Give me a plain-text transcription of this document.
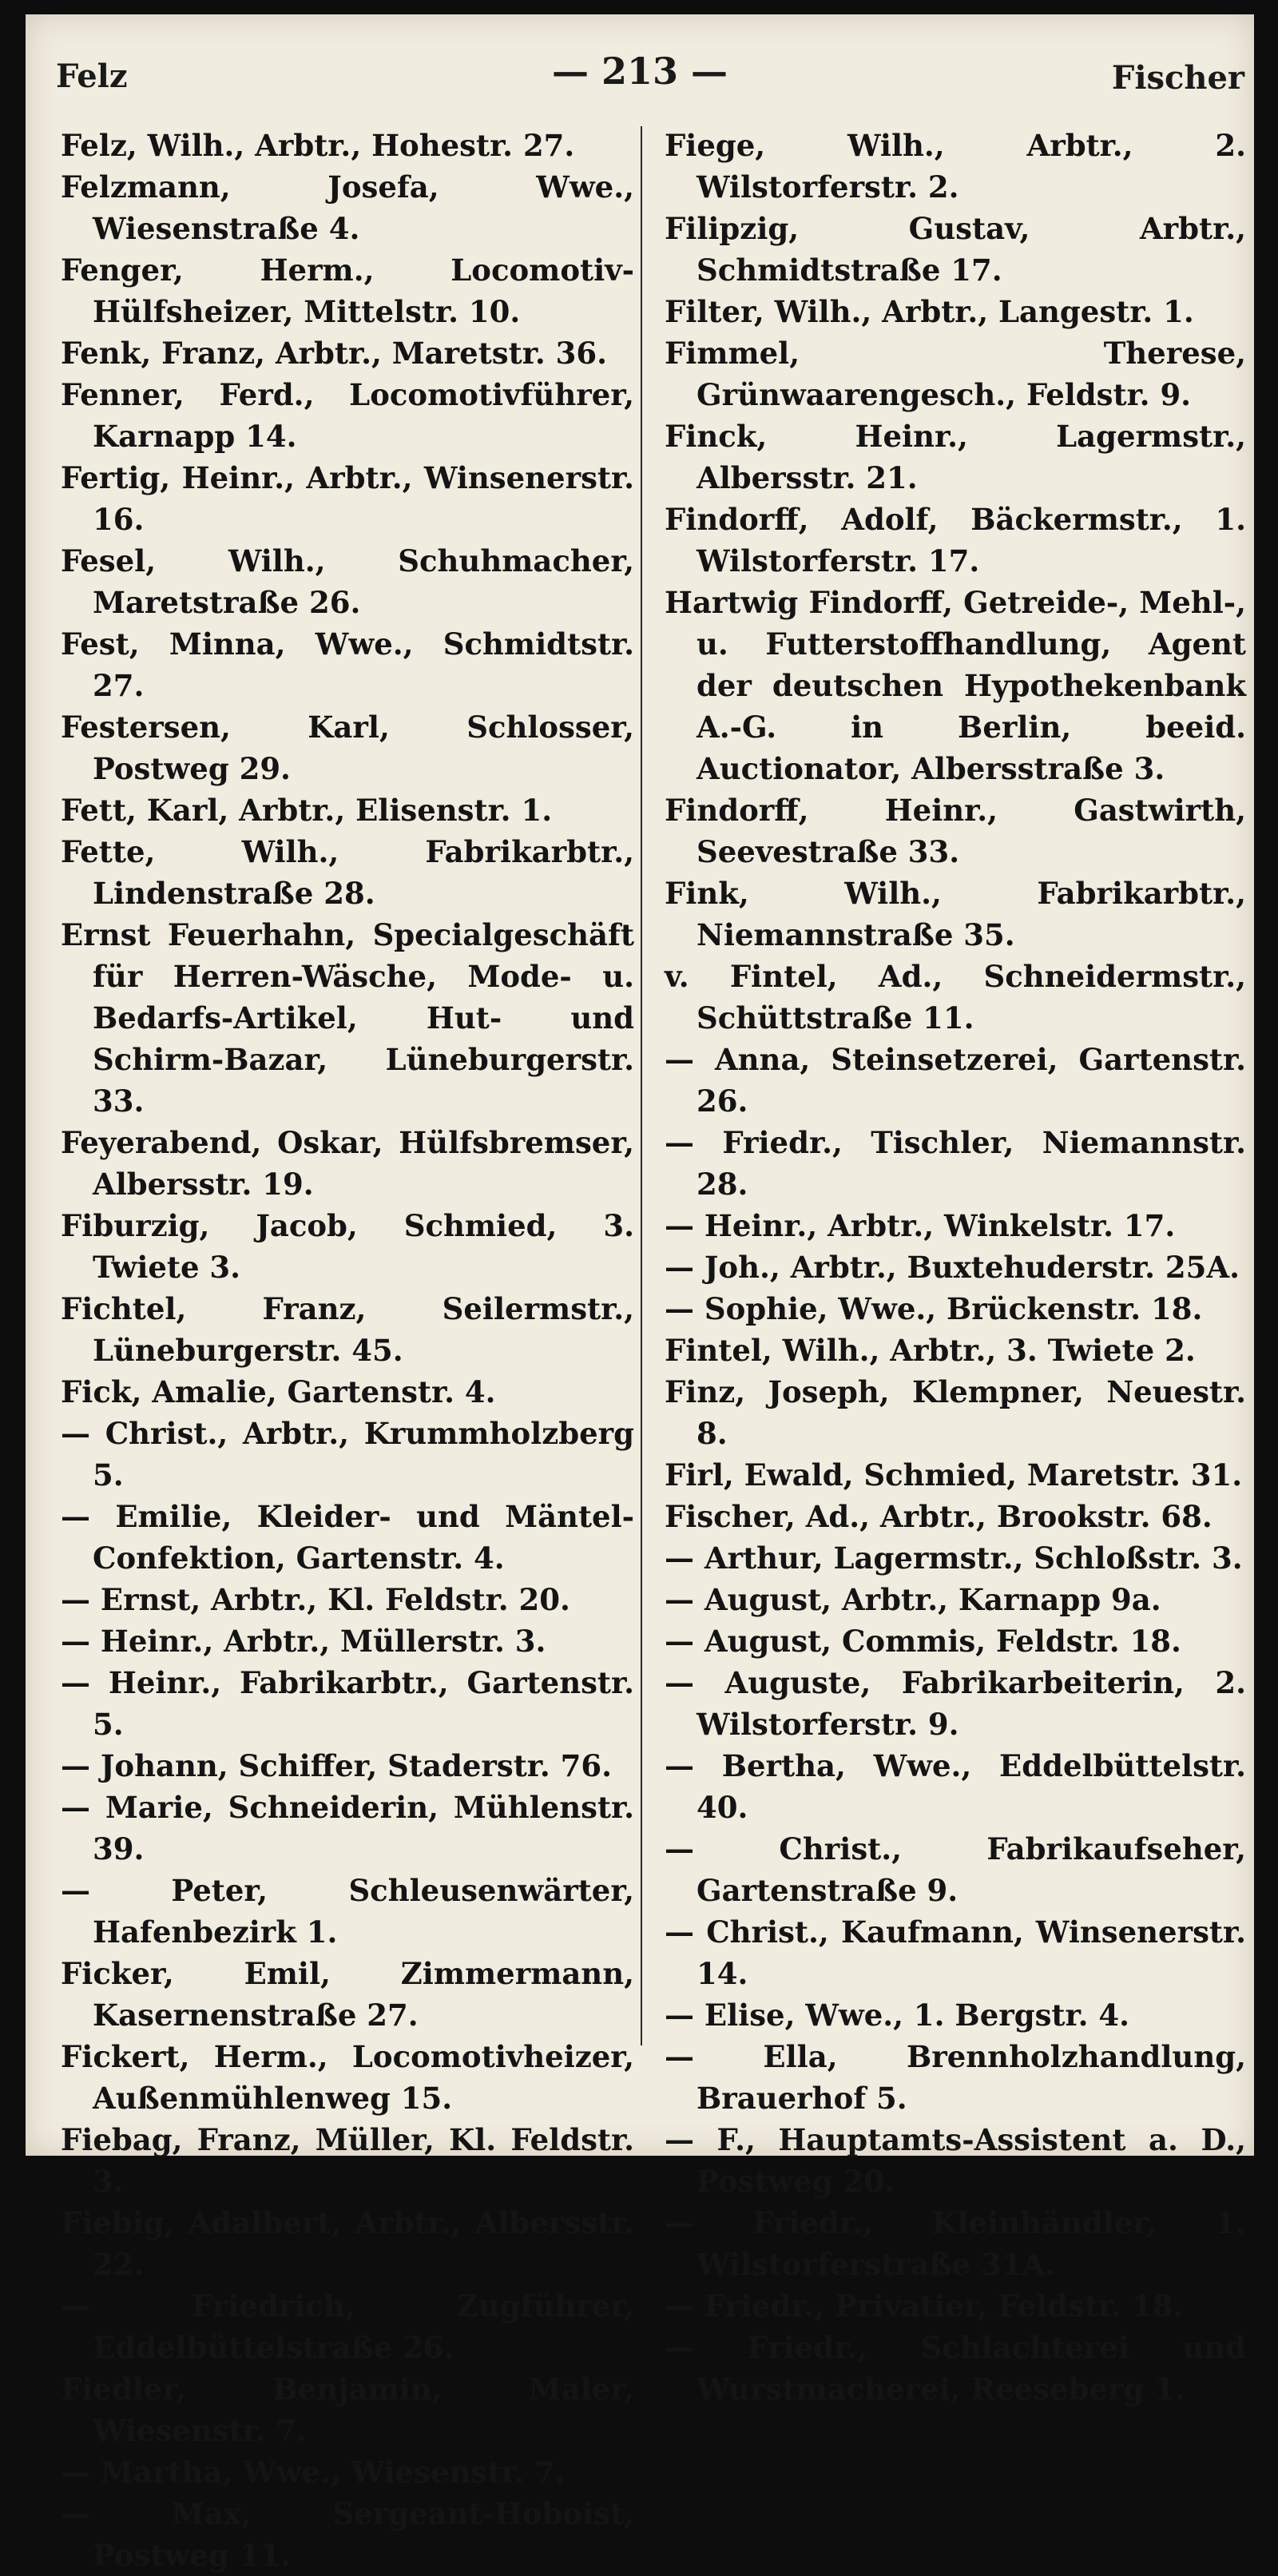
Felz	— 213 —	Fischer

Felz, Wilh., Arbtr., Hohestr. 27.

Felzmann, Josefa, Wwe., Wiesenstraße 4.

Fenger, Herm., Locomotiv-Hülfsheizer, Mittelstr. 10.

Fenk, Franz, Arbtr., Maretstr. 36.

Fenner, Ferd., Locomotivführer, Karnapp 14.

Fertig, Heinr., Arbtr., Winsenerstr. 16.

Fesel, Wilh., Schuhmacher, Maretstraße 26.

Fest, Minna, Wwe., Schmidtstr. 27.

Festersen, Karl, Schlosser, Postweg 29.

Fett, Karl, Arbtr., Elisenstr. 1.

Fette, Wilh., Fabrikarbtr., Lindenstraße 28.

Ernst Feuerhahn, Specialgeschäft für Herren-Wäsche, Mode- u. Bedarfs-Artikel, Hut- und Schirm-Bazar, Lüneburgerstr. 33.

Feyerabend, Oskar, Hülfsbremser, Albersstr. 19.

Fiburzig, Jacob, Schmied, 3. Twiete 3.

Fichtel, Franz, Seilermstr., Lüneburgerstr. 45.

Fick, Amalie, Gartenstr. 4.

— Christ., Arbtr., Krummholzberg 5.

— Emilie, Kleider- und Mäntel-Confektion, Gartenstr. 4.

— Ernst, Arbtr., Kl. Feldstr. 20.

— Heinr., Arbtr., Müllerstr. 3.

— Heinr., Fabrikarbtr., Gartenstr. 5.

— Johann, Schiffer, Staderstr. 76.

— Marie, Schneiderin, Mühlenstr. 39.

— Peter, Schleusenwärter, Hafenbezirk 1.

Ficker, Emil, Zimmermann, Kasernenstraße 27.

Fickert, Herm., Locomotivheizer, Außenmühlenweg 15.

Fiebag, Franz, Müller, Kl. Feldstr. 3.

Fiebig, Adalbert, Arbtr., Albersstr. 22.

— Friedrich, Zugführer, Eddelbüttelstraße 26.

Fiedler, Benjamin, Maler, Wiesenstr. 7.

— Martha, Wwe., Wiesenstr. 7.

— Max, Sergeant-Hoboist, Postweg 11.

Fiege, Wilh., Arbtr., 2. Wilstorferstr. 2.

Filipzig, Gustav, Arbtr., Schmidtstraße 17.

Filter, Wilh., Arbtr., Langestr. 1.

Fimmel, Therese, Grünwaarengesch., Feldstr. 9.

Finck, Heinr., Lagermstr., Albersstr. 21.

Findorff, Adolf, Bäckermstr., 1. Wilstorferstr. 17.

Hartwig Findorff, Getreide-, Mehl-, u. Futterstoffhandlung, Agent der deutschen Hypothekenbank A.-G. in Berlin, beeid. Auctionator, Albersstraße 3.

Findorff, Heinr., Gastwirth, Seevestraße 33.

Fink, Wilh., Fabrikarbtr., Niemannstraße 35.

v. Fintel, Ad., Schneidermstr., Schüttstraße 11.

— Anna, Steinsetzerei, Gartenstr. 26.

— Friedr., Tischler, Niemannstr. 28.

— Heinr., Arbtr., Winkelstr. 17.

— Joh., Arbtr., Buxtehuderstr. 25A.

— Sophie, Wwe., Brückenstr. 18.

Fintel, Wilh., Arbtr., 3. Twiete 2.

Finz, Joseph, Klempner, Neuestr. 8.

Firl, Ewald, Schmied, Maretstr. 31.

Fischer, Ad., Arbtr., Brookstr. 68.

— Arthur, Lagermstr., Schloßstr. 3.

— August, Arbtr., Karnapp 9a.

— August, Commis, Feldstr. 18.

— Auguste, Fabrikarbeiterin, 2. Wilstorferstr. 9.

— Bertha, Wwe., Eddelbüttelstr. 40.

— Christ., Fabrikaufseher, Gartenstraße 9.

— Christ., Kaufmann, Winsenerstr. 14.

— Elise, Wwe., 1. Bergstr. 4.

— Ella, Brennholzhandlung, Brauerhof 5.

— F., Hauptamts-Assistent a. D., Postweg 20.

— Friedr., Kleinhändler, 1. Wilstorferstraße 31A.

— Friedr., Privatier, Feldstr. 18.

— Friedr., Schlachterei und Wurstmacherei, Reeseberg 1.
